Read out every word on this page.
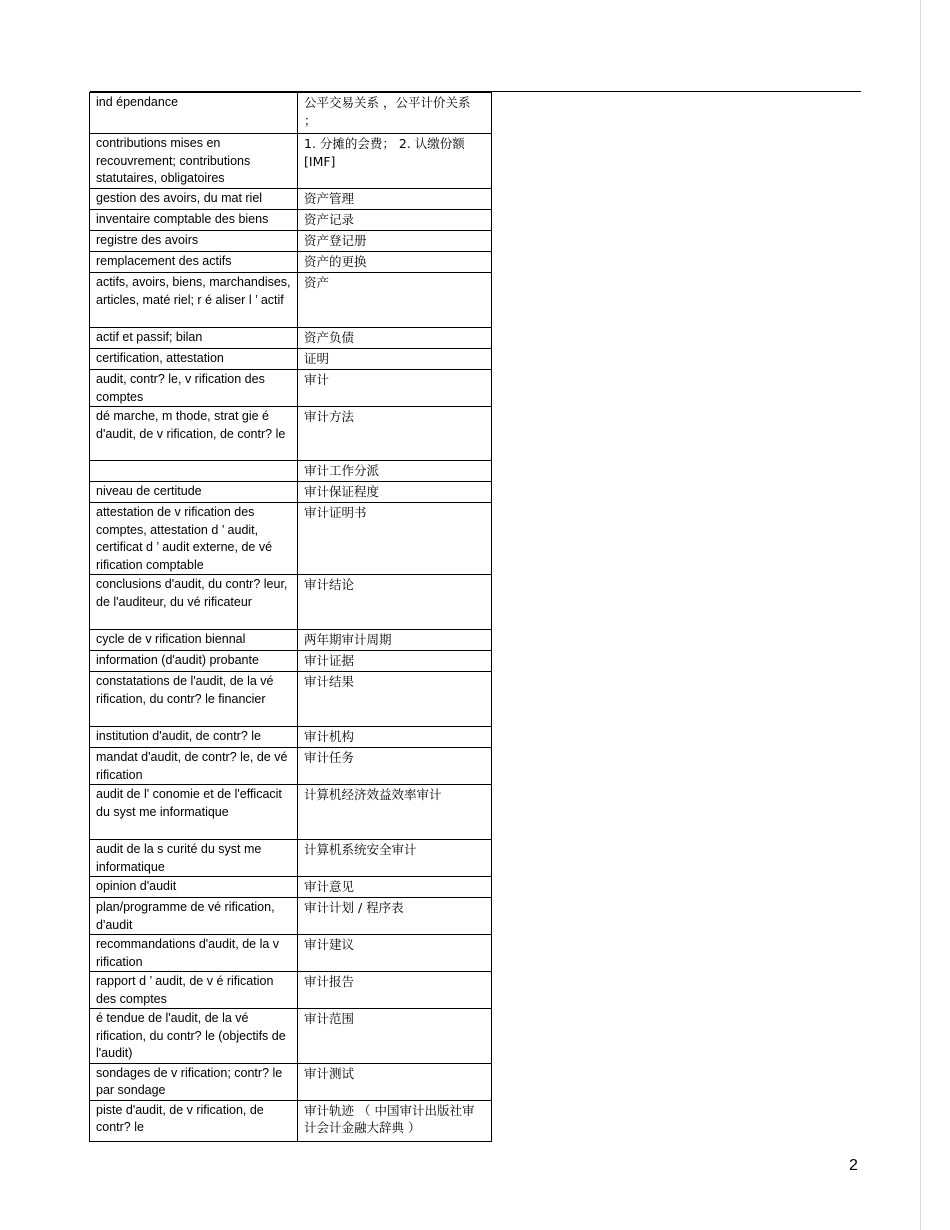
ind épendance	公平交易关系 ，公平计价关系 ；
contributions mises en recouvrement; contributions statutaires, obligatoires	1. 分摊的会费； 2. 认缴份额 [IMF]
gestion des avoirs, du mat riel	资产管理
inventaire comptable des biens	资产记录
registre des avoirs	资产登记册
remplacement des actifs	资产的更换
actifs, avoirs, biens, marchandises, articles, maté riel; r é aliser l ’ actif	资产
actif et passif; bilan	资产负债
certification, attestation	证明
audit, contr? le, v rification des comptes	审计
dé marche, m thode, strat gie é d'audit, de v rification, de contr? le	审计方法
	审计工作分派
niveau de certitude	审计保证程度
attestation de v rification des comptes, attestation d ’ audit, certificat d ’ audit externe, de vé rification comptable	审计证明书
conclusions d'audit, du contr? leur, de l'auditeur, du vé rificateur	审计结论
cycle de v rification biennal	两年期审计周期
information (d'audit) probante	审计证据
constatations de l'audit, de la vé rification, du contr? le financier	审计结果
institution d'audit, de contr? le	审计机构
mandat d'audit, de contr? le, de vé rification	审计任务
audit de l' conomie et de l'efficacit du syst me informatique	计算机经济效益效率审计
audit de la s curité du syst me informatique	计算机系统安全审计
opinion d'audit	审计意见
plan/programme de vé rification, d'audit	审计计划 / 程序表
recommandations d'audit, de la v rification	审计建议
rapport d ’ audit, de v é rification des comptes	审计报告
é tendue de l'audit, de la vé rification, du contr? le (objectifs de l'audit)	审计范围
sondages de v rification; contr? le par sondage	审计测试
piste d'audit, de v rification, de contr? le	审计轨迹 （ 中国审计出版社审计会计金融大辞典 ）
2
